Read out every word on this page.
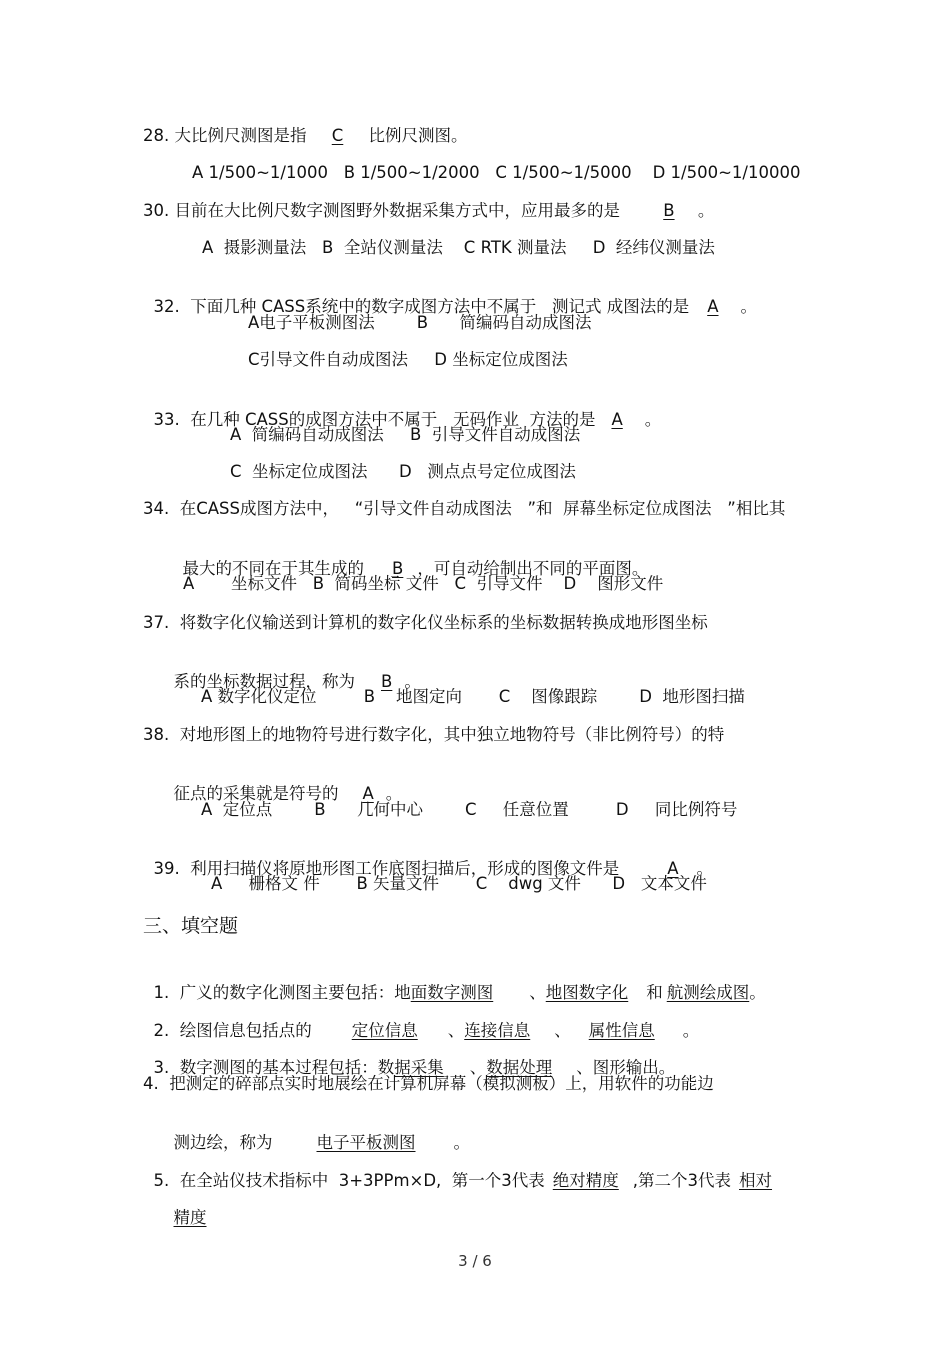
28. 大比例尺测图是指 C 比例尺测图。
A 1/500~1/1000   B 1/500~1/2000   C 1/500~1/5000    D 1/500~1/10000
30. 目前在大比例尺数字测图野外数据采集方式中，应用最多的是	B 。
A  摄影测量法   B  全站仪测量法    C RTK 测量法     D  经纬仪测量法

32.  下面几种 CASS系统中的数字成图方法中不属于   测记式 成图法的是 A 。

A电子平板测图法        B      简编码自动成图法
C引导文件自动成图法     D 坐标定位成图法

33.  在几种 CASS的成图方法中不属于   无码作业  方法的是 A 。

A  简编码自动成图法     B  引导文件自动成图法
C  坐标定位成图法      D   测点点号定位成图法
34.  在CASS成图方法中，   “引导文件自动成图法   ”和  屏幕坐标定位成图法   ”相比其

最大的不同在于其生成的 B ，可自动给制出不同的平面图。

A       坐标文件   B  简码坐标 文件   C  引导文件    D    图形文件
37.  将数字化仪输送到计算机的数字化仪坐标系的坐标数据转换成地形图坐标

系的坐标数据过程，称为 B 。

A 数字化仪定位         B    地图定向       C    图像跟踪        D  地形图扫描
38.  对地形图上的地物符号进行数字化，其中独立地物符号（非比例符号）的特

征点的采集就是符号的 A 。

A  定位点        B      几何中心        C     任意位置         D     同比例符号

39.  利用扫描仪将原地形图工作底图扫描后，形成的图像文件是	A 。

A     栅格文 件       B 矢量文件       C    dwg 文件      D   文本文件
三、填空题

1.  广义的数字化测图主要包括：地面数字测图 、地图数字化 和 航测绘成图。

2.  绘图信息包括点的 定位信息 、连接信息 、 属性信息 。

3.  数字测图的基本过程包括：数据采集 、数据处理 、图形输出。

4.  把测定的碎部点实时地展绘在计算机屏幕（模拟测板）上，用软件的功能边

测边绘，称为	电子平板测图 。

5.  在全站仪技术指标中  3+3PPm×D,  第一个3代表 绝对精度 ,第二个3代表 相对

精度

3 / 6
